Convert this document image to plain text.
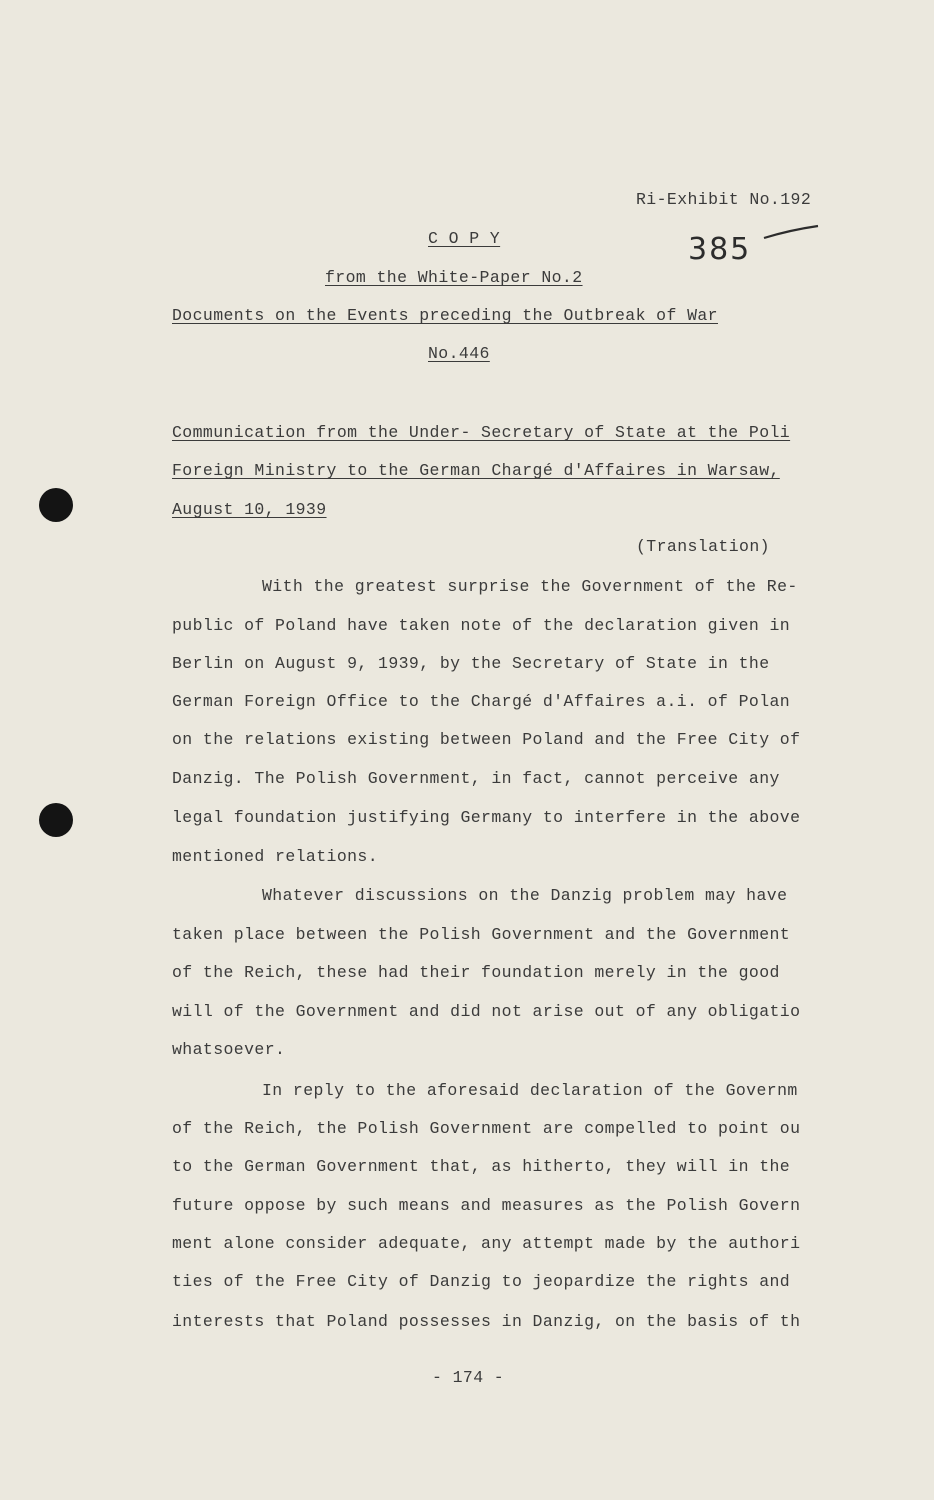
Ri-Exhibit No.192
385
C O P Y
from the White-Paper No.2
Documents on the Events preceding the Outbreak of War
No.446
Communication from the Under- Secretary of State at the Poli
Foreign Ministry to the German Chargé d'Affaires in Warsaw,
August 10, 1939
(Translation)
With the greatest surprise the Government of the Re-
public of Poland have taken note of the declaration given in
Berlin on August 9, 1939, by the Secretary of State in the
German Foreign Office to the Chargé d'Affaires a.i. of Polan
on the relations existing between Poland and the Free City of
Danzig. The Polish Government, in fact, cannot perceive any
legal foundation justifying Germany to interfere in the above
mentioned relations.
Whatever discussions on the Danzig problem may have
taken place between the Polish Government and the Government
of the Reich, these had their foundation merely in the good
will of the Government and did not arise out of any obligatio
whatsoever.
In reply to the aforesaid declaration of the Governm
of the Reich, the Polish Government are compelled to point ou
to the German Government that, as hitherto, they will in the
future oppose by such means and measures as the Polish Govern
ment alone consider adequate, any attempt made by the authori
ties of the Free City of Danzig to jeopardize the rights and
interests that Poland possesses in Danzig, on the basis of th
- 174 -
